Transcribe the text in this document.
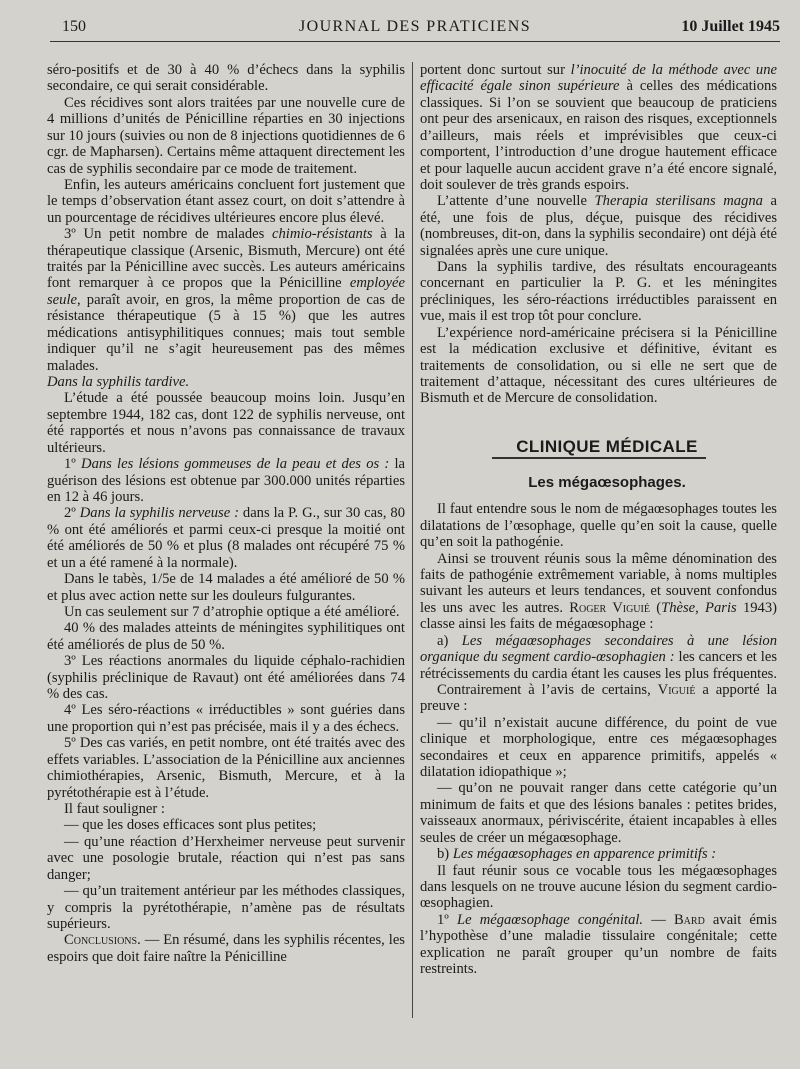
150	JOURNAL DES PRATICIENS	10 Juillet 1945

séro-positifs et de 30 à 40 % d’échecs dans la syphilis secondaire, ce qui serait considérable.

Ces récidives sont alors traitées par une nouvelle cure de 4 millions d’unités de Pénicilline réparties en 30 injections sur 10 jours (suivies ou non de 8 injections quotidiennes de 6 cgr. de Mapharsen). Certains même attaquent directement les cas de syphilis secondaire par ce mode de traitement.

Enfin, les auteurs américains concluent fort justement que le temps d’observation étant assez court, on doit s’attendre à un pourcentage de récidives ultérieures encore plus élevé.

3º Un petit nombre de malades chimio-résistants à la thérapeutique classique (Arsenic, Bismuth, Mercure) ont été traités par la Pénicilline avec succès. Les auteurs américains font remarquer à ce propos que la Pénicilline employée seule, paraît avoir, en gros, la même proportion de cas de résistance thérapeutique (5 à 15 %) que les autres médications antisyphilitiques connues; mais tout semble indiquer qu’il ne s’agit heureusement pas des mêmes malades.

Dans la syphilis tardive.

L’étude a été poussée beaucoup moins loin. Jusqu’en septembre 1944, 182 cas, dont 122 de syphilis nerveuse, ont été rapportés et nous n’avons pas connaissance de travaux ultérieurs.

1º Dans les lésions gommeuses de la peau et des os : la guérison des lésions est obtenue par 300.000 unités réparties en 12 à 46 jours.

2º Dans la syphilis nerveuse : dans la P. G., sur 30 cas, 80 % ont été améliorés et parmi ceux-ci presque la moitié ont été améliorés de 50 % et plus (8 malades ont récupéré 75 % et un a été ramené à la normale).

Dans le tabès, 1/5e de 14 malades a été amélioré de 50 % et plus avec action nette sur les douleurs fulgurantes.

Un cas seulement sur 7 d’atrophie optique a été amélioré.

40 % des malades atteints de méningites syphilitiques ont été améliorés de plus de 50 %.

3º Les réactions anormales du liquide céphalo-rachidien (syphilis préclinique de Ravaut) ont été améliorées dans 74 % des cas.

4º Les séro-réactions « irréductibles » sont guéries dans une proportion qui n’est pas précisée, mais il y a des échecs.

5º Des cas variés, en petit nombre, ont été traités avec des effets variables. L’association de la Pénicilline aux anciennes chimiothérapies, Arsenic, Bismuth, Mercure, et à la pyrétothérapie est à l’étude.

Il faut souligner :

— que les doses efficaces sont plus petites;

— qu’une réaction d’Herxheimer nerveuse peut survenir avec une posologie brutale, réaction qui n’est pas sans danger;

— qu’un traitement antérieur par les méthodes classiques, y compris la pyrétothérapie, n’amène pas de résultats supérieurs.

Conclusions. — En résumé, dans les syphilis récentes, les espoirs que doit faire naître la Pénicilline

portent donc surtout sur l’inocuité de la méthode avec une efficacité égale sinon supérieure à celles des médications classiques. Si l’on se souvient que beaucoup de praticiens ont peur des arsenicaux, en raison des risques, exceptionnels d’ailleurs, mais réels et imprévisibles que ceux-ci comportent, l’introduction d’une drogue hautement efficace et pour laquelle aucun accident grave n’a été encore signalé, doit soulever de très grands espoirs.

L’attente d’une nouvelle Therapia sterilisans magna a été, une fois de plus, déçue, puisque des récidives (nombreuses, dit-on, dans la syphilis secondaire) ont déjà été signalées après une cure unique.

Dans la syphilis tardive, des résultats encourageants concernant en particulier la P. G. et les méningites précliniques, les séro-réactions irréductibles paraissent en vue, mais il est trop tôt pour conclure.

L’expérience nord-américaine précisera si la Pénicilline est la médication exclusive et définitive, évitant es traitements de consolidation, ou si elle ne sert que de traitement d’attaque, nécessitant des cures ultérieures de Bismuth et de Mercure de consolidation.

CLINIQUE MÉDICALE

Les mégaœsophages.

Il faut entendre sous le nom de mégaœsophages toutes les dilatations de l’œsophage, quelle qu’en soit la cause, quelle qu’en soit la pathogénie.

Ainsi se trouvent réunis sous la même dénomination des faits de pathogénie extrêmement variable, à noms multiples suivant les auteurs et leurs tendances, et souvent confondus les uns avec les autres. Roger Viguié (Thèse, Paris 1943) classe ainsi les faits de mégaœsophage :

a) Les mégaœsophages secondaires à une lésion organique du segment cardio-œsophagien : les cancers et les rétrécissements du cardia étant les causes les plus fréquentes.

Contrairement à l’avis de certains, Viguié a apporté la preuve :

— qu’il n’existait aucune différence, du point de vue clinique et morphologique, entre ces mégaœsophages secondaires et ceux en apparence primitifs, appelés « dilatation idiopathique »;

— qu’on ne pouvait ranger dans cette catégorie qu’un minimum de faits et que des lésions banales : petites brides, vaisseaux anormaux, périviscérite, étaient incapables à elles seules de créer un mégaœsophage.

b) Les mégaœsophages en apparence primitifs :

Il faut réunir sous ce vocable tous les mégaœsophages dans lesquels on ne trouve aucune lésion du segment cardio-œsophagien.

1º Le mégaœsophage congénital. — Bard avait émis l’hypothèse d’une maladie tissulaire congénitale; cette explication ne paraît grouper qu’un nombre de faits restreints.
